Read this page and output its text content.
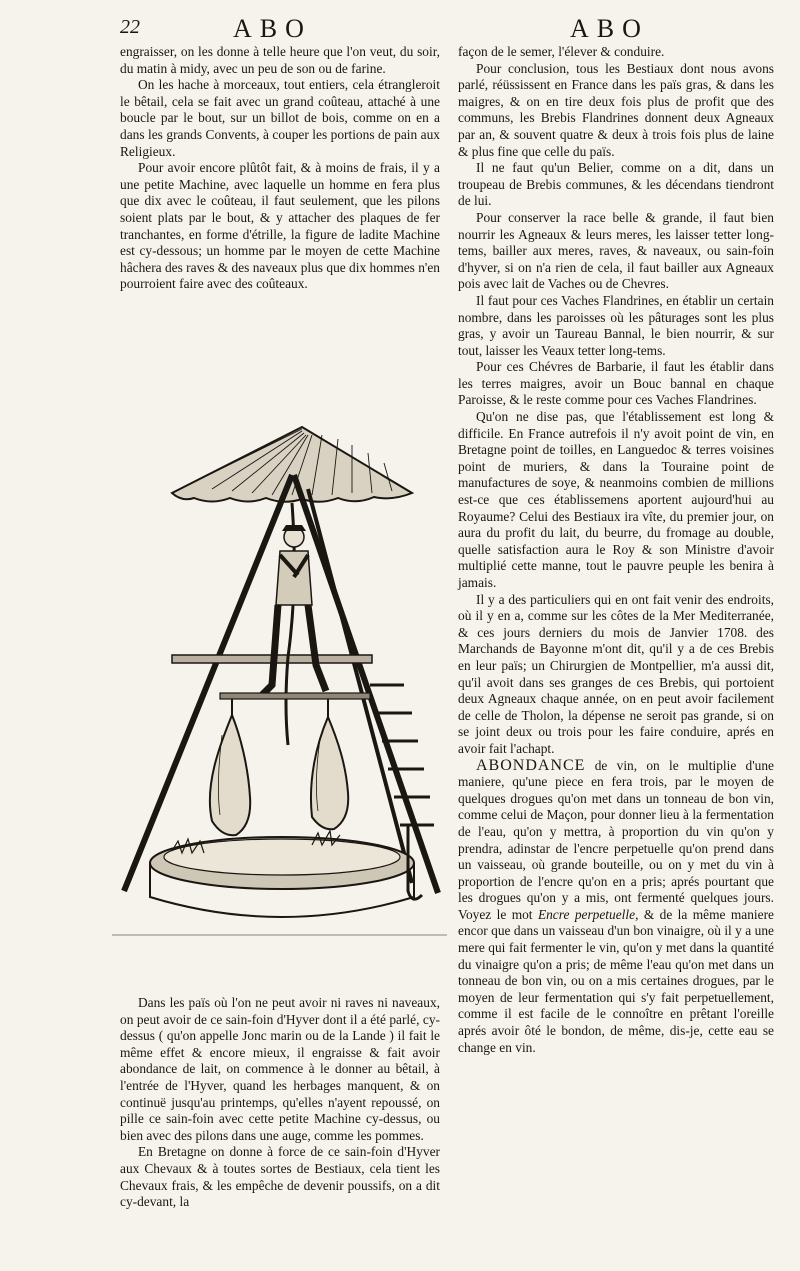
22	ABO	ABO

engraisser, on les donne à telle heure que l'on veut, du soir, du matin à midy, avec un peu de son ou de farine.

On les hache à morceaux, tout entiers, cela étrangleroit le bêtail, cela se fait avec un grand coûteau, attaché à une boucle par le bout, sur un billot de bois, comme on en a dans les grands Convents, à couper les portions de pain aux Religieux.

Pour avoir encore plûtôt fait, & à moins de frais, il y a une petite Machine, avec laquelle un homme en fera plus que dix avec le coûteau, il faut seulement, que les pilons soient plats par le bout, & y attacher des plaques de fer tranchantes, en forme d'étrille, la figure de ladite Machine est cy-dessous; un homme par le moyen de cette Machine hâchera des raves & des naveaux plus que dix hommes n'en pourroient faire avec des coûteaux.

Dans les païs où l'on ne peut avoir ni raves ni naveaux, on peut avoir de ce sain-foin d'Hyver dont il a été parlé, cy-dessus ( qu'on appelle Jonc marin ou de la Lande ) il fait le même effet & encore mieux, il engraisse & fait avoir abondance de lait, on commence à le donner au bêtail, à l'entrée de l'Hyver, quand les herbages manquent, & on continuë jusqu'au printemps, qu'elles n'ayent repoussé, on pille ce sain-foin avec cette petite Machine cy-dessus, ou bien avec des pilons dans une auge, comme les pommes.

En Bretagne on donne à force de ce sain-foin d'Hyver aux Chevaux & à toutes sortes de Bestiaux, cela tient les Chevaux frais, & les empêche de devenir poussifs, on a dit cy-devant, la

façon de le semer, l'élever & conduire.

Pour conclusion, tous les Bestiaux dont nous avons parlé, réüssissent en France dans les païs gras, & dans les maigres, & on en tire deux fois plus de profit que des communs, les Brebis Flandrines donnent deux Agneaux par an, & souvent quatre & deux à trois fois plus de laine & plus fine que celle du païs.

Il ne faut qu'un Belier, comme on a dit, dans un troupeau de Brebis communes, & les décendans tiendront de lui.

Pour conserver la race belle & grande, il faut bien nourrir les Agneaux & leurs meres, les laisser tetter long-tems, bailler aux meres, raves, & naveaux, ou sain-foin d'hyver, si on n'a rien de cela, il faut bailler aux Agneaux pois avec lait de Vaches ou de Chevres.

Il faut pour ces Vaches Flandrines, en établir un certain nombre, dans les paroisses où les pâturages sont les plus gras, y avoir un Taureau Bannal, le bien nourrir, & sur tout, laisser les Veaux tetter long-tems.

Pour ces Chévres de Barbarie, il faut les établir dans les terres maigres, avoir un Bouc bannal en chaque Paroisse, & le reste comme pour ces Vaches Flandrines.

Qu'on ne dise pas, que l'établissement est long & difficile. En France autrefois il n'y avoit point de vin, en Bretagne point de toilles, en Languedoc & terres voisines point de muriers, & dans la Touraine point de manufactures de soye, & neanmoins combien de millions est-ce que ces établissemens aportent aujourd'hui au Royaume? Celui des Bestiaux ira vîte, du premier jour, on aura du profit du lait, du beurre, du fromage au double, quelle satisfaction aura le Roy & son Ministre d'avoir multiplié cette manne, tout le pauvre peuple les benira à jamais.

Il y a des particuliers qui en ont fait venir des endroits, où il y en a, comme sur les côtes de la Mer Mediterranée, & ces jours derniers du mois de Janvier 1708. des Marchands de Bayonne m'ont dit, qu'il y a de ces Brebis en leur païs; un Chirurgien de Montpellier, m'a aussi dit, qu'il avoit dans ses granges de ces Brebis, qui portoient deux Agneaux chaque année, on en peut avoir facilement de celle de Tholon, la dépense ne seroit pas grande, si on se joint deux ou trois pour les faire conduire, aprés en avoir fait l'achapt.

ABONDANCE de vin, on le multiplie d'une maniere, qu'une piece en fera trois, par le moyen de quelques drogues qu'on met dans un tonneau de bon vin, comme celui de Maçon, pour donner lieu à la fermentation de l'eau, qu'on y mettra, à proportion du vin qu'on y prendra, adinstar de l'encre perpetuelle qu'on prend dans un vaisseau, où grande bouteille, ou on y met du vin à proportion de l'encre qu'on en a pris; aprés pourtant que les drogues qu'on y a mis, ont fermenté quelques jours. Voyez le mot Encre perpetuelle, & de la même maniere encor que dans un vaisseau d'un bon vinaigre, où il y a une mere qui fait fermenter le vin, qu'on y met dans la quantité du vinaigre qu'on a pris; de même l'eau qu'on met dans un tonneau de bon vin, ou on a mis certaines drogues, par le moyen de leur fermentation qui s'y fait perpetuellement, comme il est facile de le connoître en prêtant l'oreille aprés avoir ôté le bondon, de même, dis-je, cette eau se change en vin.
